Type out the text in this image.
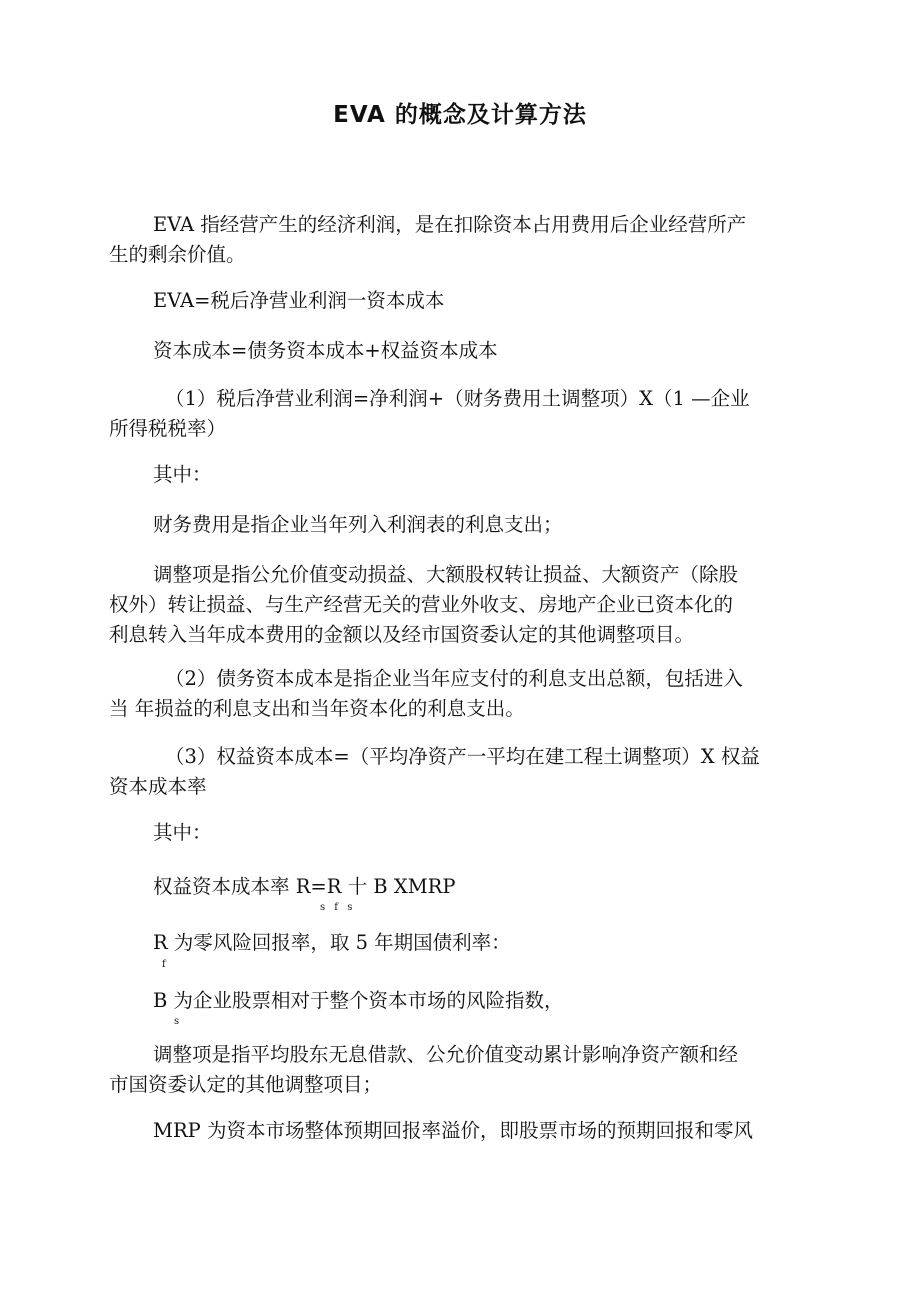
EVA 的概念及计算方法
EVA 指经营产生的经济利润，是在扣除资本占用费用后企业经营所产
生的剩余价值。
EVA=税后净营业利润一资本成本
资本成本=债务资本成本+权益资本成本
（1）税后净营业利润=净利润+（财务费用土调整项）X（1 —企业
所得税税率）
其中：
财务费用是指企业当年列入利润表的利息支出；
调整项是指公允价值变动损益、大额股权转让损益、大额资产（除股
权外）转让损益、与生产经营无关的营业外收支、房地产企业已资本化的
利息转入当年成本费用的金额以及经市国资委认定的其他调整项目。
（2）债务资本成本是指企业当年应支付的利息支出总额，包括进入
当 年损益的利息支出和当年资本化的利息支出。
（3）权益资本成本=（平均净资产一平均在建工程土调整项）X 权益
资本成本率
其中：
权益资本成本率 R=R 十 B XMRP
s f s
R 为零风险回报率，取 5 年期国债利率：
f
B 为企业股票相对于整个资本市场的风险指数，
s
调整项是指平均股东无息借款、公允价值变动累计影响净资产额和经
市国资委认定的其他调整项目；
MRP 为资本市场整体预期回报率溢价，即股票市场的预期回报和零风
